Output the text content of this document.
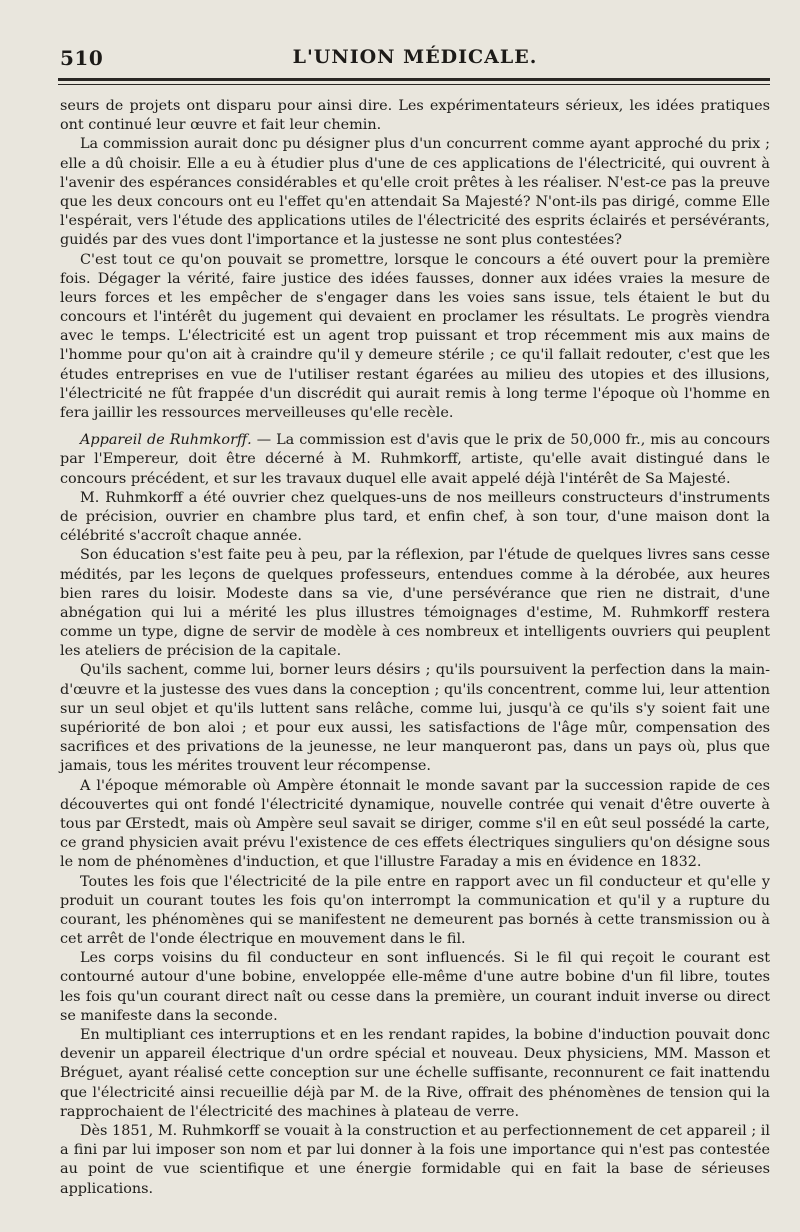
510	L'UNION MÉDICALE.

seurs de projets ont disparu pour ainsi dire. Les expérimentateurs sérieux, les idées pratiques ont continué leur œuvre et fait leur chemin.

La commission aurait donc pu désigner plus d'un concurrent comme ayant approché du prix ; elle a dû choisir. Elle a eu à étudier plus d'une de ces applications de l'électricité, qui ouvrent à l'avenir des espérances considérables et qu'elle croit prêtes à les réaliser. N'est-ce pas la preuve que les deux concours ont eu l'effet qu'en attendait Sa Majesté? N'ont-ils pas dirigé, comme Elle l'espérait, vers l'étude des applications utiles de l'électricité des esprits éclairés et persévérants, guidés par des vues dont l'importance et la justesse ne sont plus contestées?

C'est tout ce qu'on pouvait se promettre, lorsque le concours a été ouvert pour la première fois. Dégager la vérité, faire justice des idées fausses, donner aux idées vraies la mesure de leurs forces et les empêcher de s'engager dans les voies sans issue, tels étaient le but du concours et l'intérêt du jugement qui devaient en proclamer les résultats. Le progrès viendra avec le temps. L'électricité est un agent trop puissant et trop récemment mis aux mains de l'homme pour qu'on ait à craindre qu'il y demeure stérile ; ce qu'il fallait redouter, c'est que les études entreprises en vue de l'utiliser restant égarées au milieu des utopies et des illusions, l'électricité ne fût frappée d'un discrédit qui aurait remis à long terme l'époque où l'homme en fera jaillir les ressources merveilleuses qu'elle recèle.

Appareil de Ruhmkorff. — La commission est d'avis que le prix de 50,000 fr., mis au concours par l'Empereur, doit être décerné à M. Ruhmkorff, artiste, qu'elle avait distingué dans le concours précédent, et sur les travaux duquel elle avait appelé déjà l'intérêt de Sa Majesté.

M. Ruhmkorff a été ouvrier chez quelques-uns de nos meilleurs constructeurs d'instruments de précision, ouvrier en chambre plus tard, et enfin chef, à son tour, d'une maison dont la célébrité s'accroît chaque année.

Son éducation s'est faite peu à peu, par la réflexion, par l'étude de quelques livres sans cesse médités, par les leçons de quelques professeurs, entendues comme à la dérobée, aux heures bien rares du loisir. Modeste dans sa vie, d'une persévérance que rien ne distrait, d'une abnégation qui lui a mérité les plus illustres témoignages d'estime, M. Ruhmkorff restera comme un type, digne de servir de modèle à ces nombreux et intelligents ouvriers qui peuplent les ateliers de précision de la capitale.

Qu'ils sachent, comme lui, borner leurs désirs ; qu'ils poursuivent la perfection dans la main-d'œuvre et la justesse des vues dans la conception ; qu'ils concentrent, comme lui, leur attention sur un seul objet et qu'ils luttent sans relâche, comme lui, jusqu'à ce qu'ils s'y soient fait une supériorité de bon aloi ; et pour eux aussi, les satisfactions de l'âge mûr, compensation des sacrifices et des privations de la jeunesse, ne leur manqueront pas, dans un pays où, plus que jamais, tous les mérites trouvent leur récompense.

A l'époque mémorable où Ampère étonnait le monde savant par la succession rapide de ces découvertes qui ont fondé l'électricité dynamique, nouvelle contrée qui venait d'être ouverte à tous par Œrstedt, mais où Ampère seul savait se diriger, comme s'il en eût seul possédé la carte, ce grand physicien avait prévu l'existence de ces effets électriques singuliers qu'on désigne sous le nom de phénomènes d'induction, et que l'illustre Faraday a mis en évidence en 1832.

Toutes les fois que l'électricité de la pile entre en rapport avec un fil conducteur et qu'elle y produit un courant toutes les fois qu'on interrompt la communication et qu'il y a rupture du courant, les phénomènes qui se manifestent ne demeurent pas bornés à cette transmission ou à cet arrêt de l'onde électrique en mouvement dans le fil.

Les corps voisins du fil conducteur en sont influencés. Si le fil qui reçoit le courant est contourné autour d'une bobine, enveloppée elle-même d'une autre bobine d'un fil libre, toutes les fois qu'un courant direct naît ou cesse dans la première, un courant induit inverse ou direct se manifeste dans la seconde.

En multipliant ces interruptions et en les rendant rapides, la bobine d'induction pouvait donc devenir un appareil électrique d'un ordre spécial et nouveau. Deux physiciens, MM. Masson et Bréguet, ayant réalisé cette conception sur une échelle suffisante, reconnurent ce fait inattendu que l'électricité ainsi recueillie déjà par M. de la Rive, offrait des phénomènes de tension qui la rapprochaient de l'électricité des machines à plateau de verre.

Dès 1851, M. Ruhmkorff se vouait à la construction et au perfectionnement de cet appareil ; il a fini par lui imposer son nom et par lui donner à la fois une importance qui n'est pas contestée au point de vue scientifique et une énergie formidable qui en fait la base de sérieuses applications.
